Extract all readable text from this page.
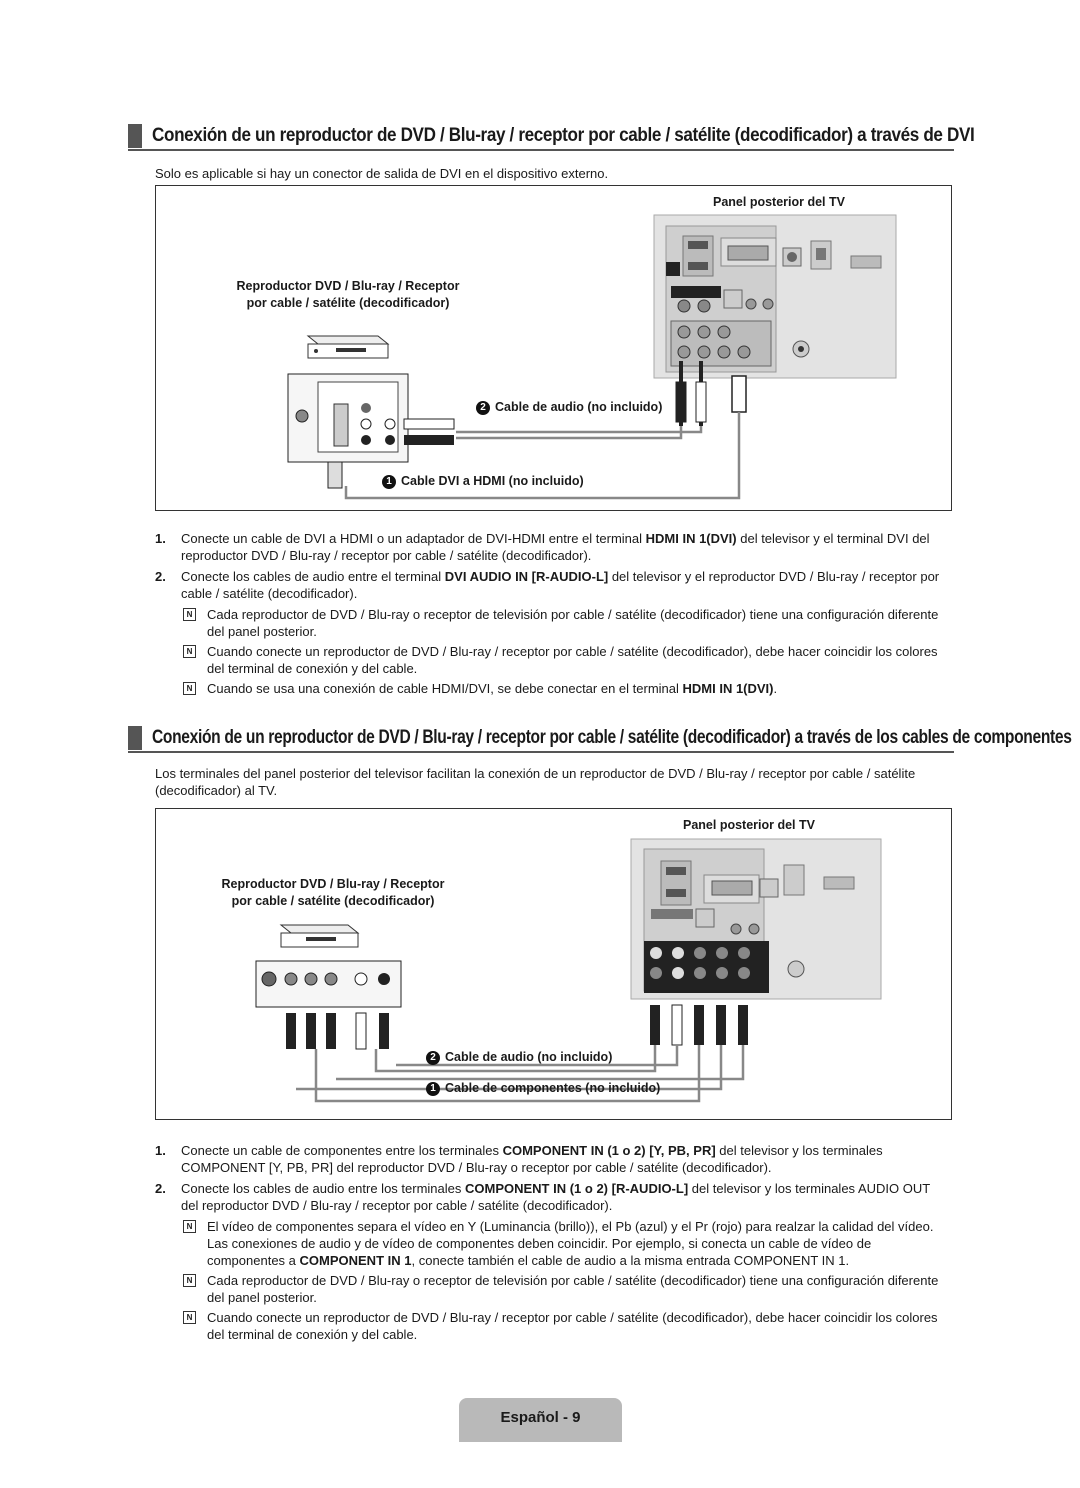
Conexión de un reproductor de DVD / Blu-ray / receptor por cable / satélite (decodificador) a través de DVI

Solo es aplicable si hay un conector de salida de DVI en el dispositivo externo.

Panel posterior del TV
Reproductor DVD / Blu-ray / Receptor
por cable / satélite (decodificador)
2 Cable de audio (no incluido)
1 Cable DVI a HDMI (no incluido)
1. Conecte un cable de DVI a HDMI o un adaptador de DVI-HDMI entre el terminal HDMI IN 1(DVI) del televisor y el terminal DVI del reproductor DVD / Blu-ray / receptor por cable / satélite (decodificador).
2. Conecte los cables de audio entre el terminal DVI AUDIO IN [R-AUDIO-L] del televisor y el reproductor DVD / Blu-ray / receptor por cable / satélite (decodificador).
N Cada reproductor de DVD / Blu-ray o receptor de televisión por cable / satélite (decodificador) tiene una configuración diferente del panel posterior.
N Cuando conecte un reproductor de DVD / Blu-ray / receptor por cable / satélite (decodificador), debe hacer coincidir los colores del terminal de conexión y del cable.
N Cuando se usa una conexión de cable HDMI/DVI, se debe conectar en el terminal HDMI IN 1(DVI).
Conexión de un reproductor de DVD / Blu-ray / receptor por cable / satélite (decodificador) a través de los cables de componentes

Los terminales del panel posterior del televisor facilitan la conexión de un reproductor de DVD / Blu-ray / receptor por cable / satélite (decodificador) al TV.

Panel posterior del TV
Reproductor DVD / Blu-ray / Receptor
por cable / satélite (decodificador)
2 Cable de audio (no incluido)
1 Cable de componentes (no incluido)
1. Conecte un cable de componentes entre los terminales COMPONENT IN (1 o 2) [Y, PB, PR] del televisor y los terminales COMPONENT [Y, PB, PR] del reproductor DVD / Blu-ray o receptor por cable / satélite (decodificador).
2. Conecte los cables de audio entre los terminales COMPONENT IN (1 o 2) [R-AUDIO-L] del televisor y los terminales AUDIO OUT del reproductor DVD / Blu-ray / receptor por cable / satélite (decodificador).
N El vídeo de componentes separa el vídeo en Y (Luminancia (brillo)), el Pb (azul) y el Pr (rojo) para realzar la calidad del vídeo. Las conexiones de audio y de vídeo de componentes deben coincidir. Por ejemplo, si conecta un cable de vídeo de componentes a COMPONENT IN 1, conecte también el cable de audio a la misma entrada COMPONENT IN 1.
N Cada reproductor de DVD / Blu-ray o receptor de televisión por cable / satélite (decodificador) tiene una configuración diferente del panel posterior.
N Cuando conecte un reproductor de DVD / Blu-ray / receptor por cable / satélite (decodificador), debe hacer coincidir los colores del terminal de conexión y del cable.
Español - 9
